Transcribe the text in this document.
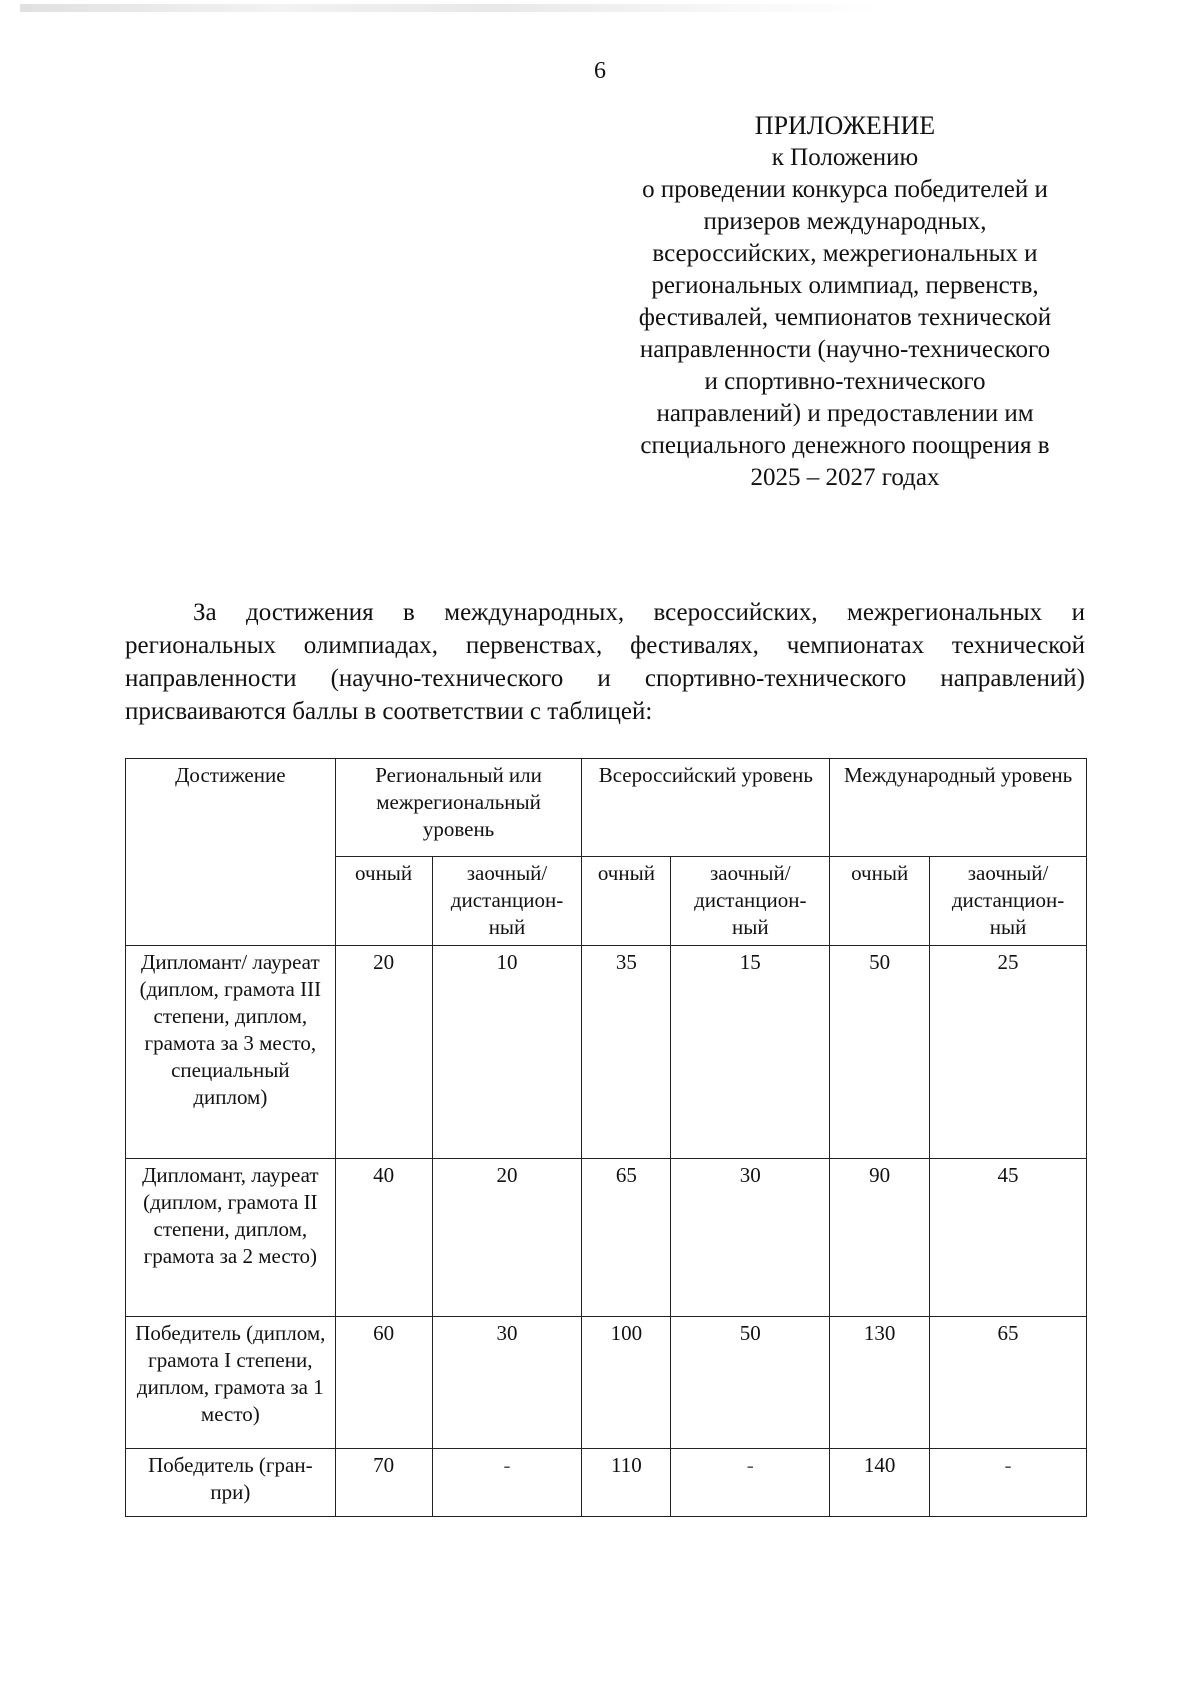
6
ПРИЛОЖЕНИЕ
к Положению
о проведении конкурса победителей и
призеров международных,
всероссийских, межрегиональных и
региональных олимпиад, первенств,
фестивалей, чемпионатов технической
направленности (научно-технического
и спортивно-технического
направлений) и предоставлении им
специального денежного поощрения в
2025 – 2027 годах

За достижения в международных, всероссийских, межрегиональных и региональных олимпиадах, первенствах, фестивалях, чемпионатах технической направленности (научно-технического и спортивно-технического направлений) присваиваются баллы в соответствии с таблицей:

Достижение	Региональный или межрегиональный уровень		Всероссийский уровень		Международный уровень	
	очный	заочный/ дистанцион-ный	очный	заочный/ дистанцион-ный	очный	заочный/ дистанцион-ный
Дипломант/ лауреат (диплом, грамота III степени, диплом, грамота за 3 место, специальный диплом)	20	10	35	15	50	25
Дипломант, лауреат (диплом, грамота II степени, диплом, грамота за 2 место)	40	20	65	30	90	45
Победитель (диплом, грамота I степени, диплом, грамота за 1 место)	60	30	100	50	130	65
Победитель (гран-при)	70	-	110	-	140	-
